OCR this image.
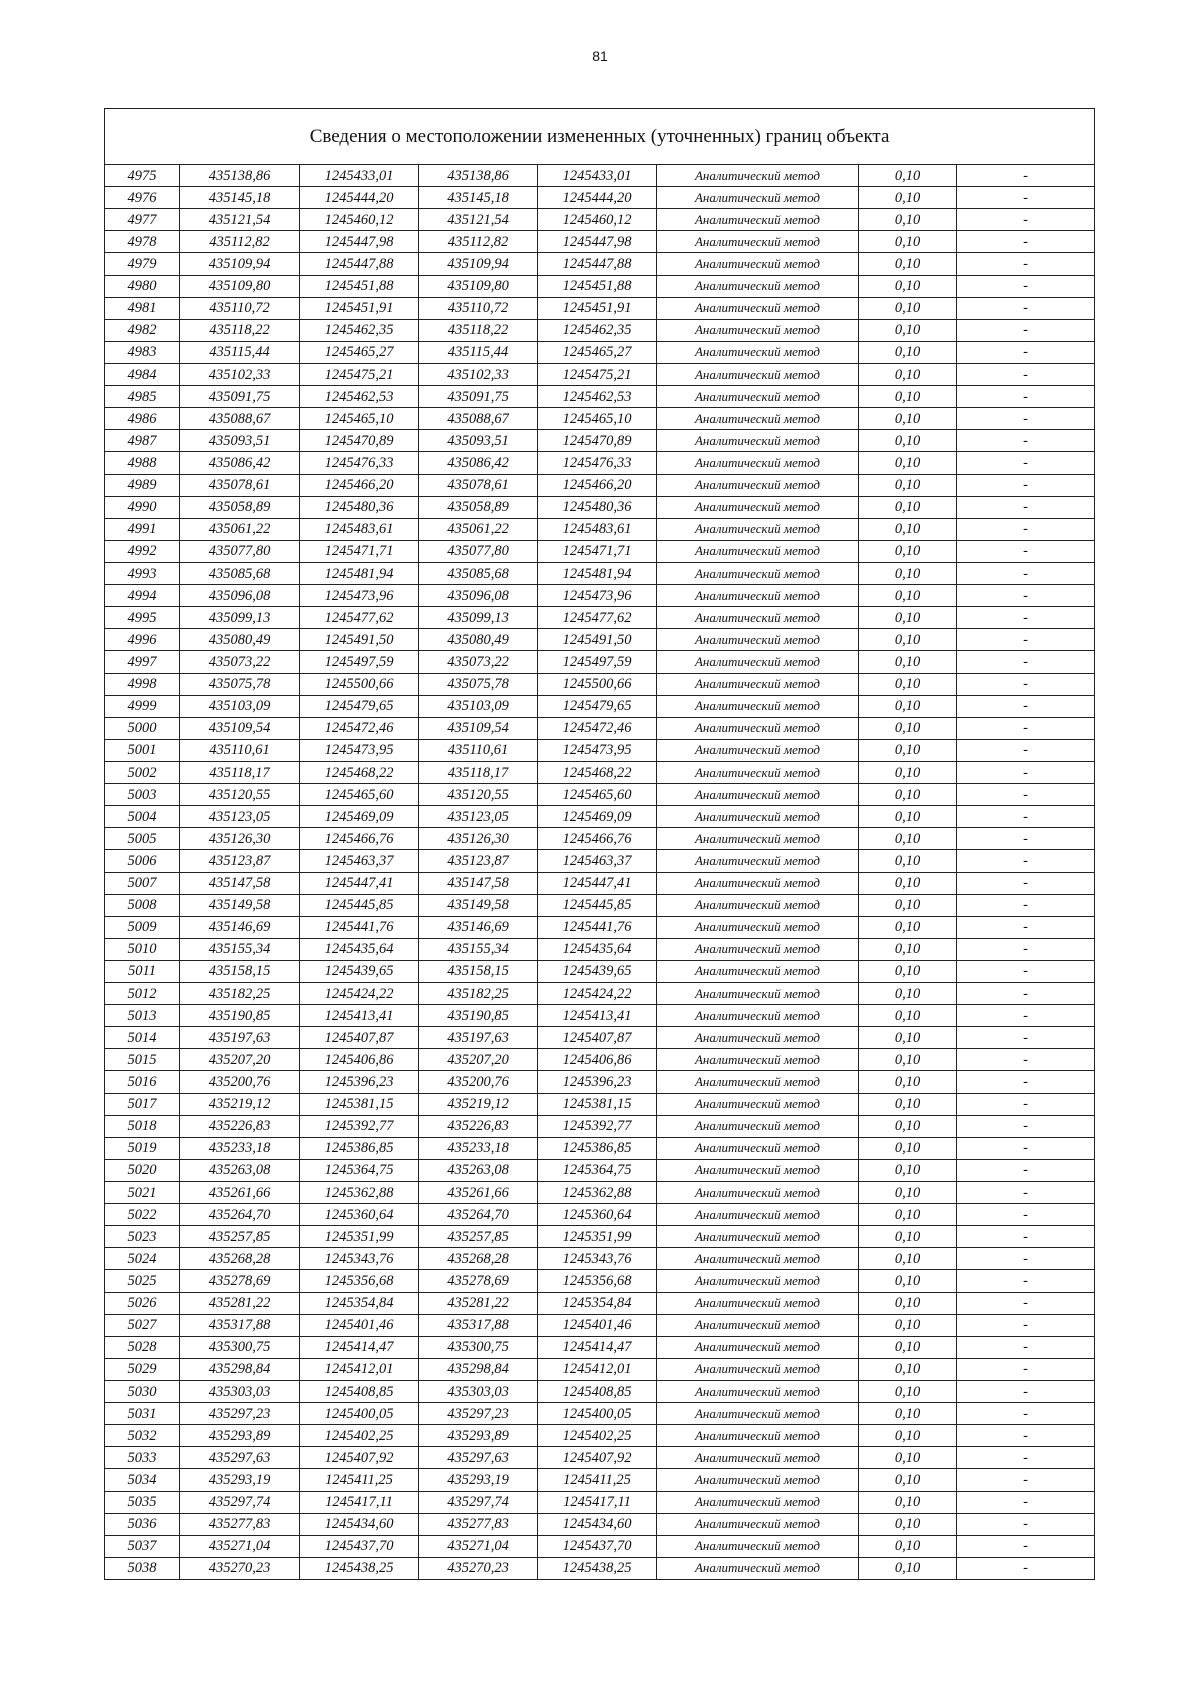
81
Сведения о местоположении измененных (уточненных) границ объекта							
4975	435138,86	1245433,01	435138,86	1245433,01	Аналитический метод	0,10	-
4976	435145,18	1245444,20	435145,18	1245444,20	Аналитический метод	0,10	-
4977	435121,54	1245460,12	435121,54	1245460,12	Аналитический метод	0,10	-
4978	435112,82	1245447,98	435112,82	1245447,98	Аналитический метод	0,10	-
4979	435109,94	1245447,88	435109,94	1245447,88	Аналитический метод	0,10	-
4980	435109,80	1245451,88	435109,80	1245451,88	Аналитический метод	0,10	-
4981	435110,72	1245451,91	435110,72	1245451,91	Аналитический метод	0,10	-
4982	435118,22	1245462,35	435118,22	1245462,35	Аналитический метод	0,10	-
4983	435115,44	1245465,27	435115,44	1245465,27	Аналитический метод	0,10	-
4984	435102,33	1245475,21	435102,33	1245475,21	Аналитический метод	0,10	-
4985	435091,75	1245462,53	435091,75	1245462,53	Аналитический метод	0,10	-
4986	435088,67	1245465,10	435088,67	1245465,10	Аналитический метод	0,10	-
4987	435093,51	1245470,89	435093,51	1245470,89	Аналитический метод	0,10	-
4988	435086,42	1245476,33	435086,42	1245476,33	Аналитический метод	0,10	-
4989	435078,61	1245466,20	435078,61	1245466,20	Аналитический метод	0,10	-
4990	435058,89	1245480,36	435058,89	1245480,36	Аналитический метод	0,10	-
4991	435061,22	1245483,61	435061,22	1245483,61	Аналитический метод	0,10	-
4992	435077,80	1245471,71	435077,80	1245471,71	Аналитический метод	0,10	-
4993	435085,68	1245481,94	435085,68	1245481,94	Аналитический метод	0,10	-
4994	435096,08	1245473,96	435096,08	1245473,96	Аналитический метод	0,10	-
4995	435099,13	1245477,62	435099,13	1245477,62	Аналитический метод	0,10	-
4996	435080,49	1245491,50	435080,49	1245491,50	Аналитический метод	0,10	-
4997	435073,22	1245497,59	435073,22	1245497,59	Аналитический метод	0,10	-
4998	435075,78	1245500,66	435075,78	1245500,66	Аналитический метод	0,10	-
4999	435103,09	1245479,65	435103,09	1245479,65	Аналитический метод	0,10	-
5000	435109,54	1245472,46	435109,54	1245472,46	Аналитический метод	0,10	-
5001	435110,61	1245473,95	435110,61	1245473,95	Аналитический метод	0,10	-
5002	435118,17	1245468,22	435118,17	1245468,22	Аналитический метод	0,10	-
5003	435120,55	1245465,60	435120,55	1245465,60	Аналитический метод	0,10	-
5004	435123,05	1245469,09	435123,05	1245469,09	Аналитический метод	0,10	-
5005	435126,30	1245466,76	435126,30	1245466,76	Аналитический метод	0,10	-
5006	435123,87	1245463,37	435123,87	1245463,37	Аналитический метод	0,10	-
5007	435147,58	1245447,41	435147,58	1245447,41	Аналитический метод	0,10	-
5008	435149,58	1245445,85	435149,58	1245445,85	Аналитический метод	0,10	-
5009	435146,69	1245441,76	435146,69	1245441,76	Аналитический метод	0,10	-
5010	435155,34	1245435,64	435155,34	1245435,64	Аналитический метод	0,10	-
5011	435158,15	1245439,65	435158,15	1245439,65	Аналитический метод	0,10	-
5012	435182,25	1245424,22	435182,25	1245424,22	Аналитический метод	0,10	-
5013	435190,85	1245413,41	435190,85	1245413,41	Аналитический метод	0,10	-
5014	435197,63	1245407,87	435197,63	1245407,87	Аналитический метод	0,10	-
5015	435207,20	1245406,86	435207,20	1245406,86	Аналитический метод	0,10	-
5016	435200,76	1245396,23	435200,76	1245396,23	Аналитический метод	0,10	-
5017	435219,12	1245381,15	435219,12	1245381,15	Аналитический метод	0,10	-
5018	435226,83	1245392,77	435226,83	1245392,77	Аналитический метод	0,10	-
5019	435233,18	1245386,85	435233,18	1245386,85	Аналитический метод	0,10	-
5020	435263,08	1245364,75	435263,08	1245364,75	Аналитический метод	0,10	-
5021	435261,66	1245362,88	435261,66	1245362,88	Аналитический метод	0,10	-
5022	435264,70	1245360,64	435264,70	1245360,64	Аналитический метод	0,10	-
5023	435257,85	1245351,99	435257,85	1245351,99	Аналитический метод	0,10	-
5024	435268,28	1245343,76	435268,28	1245343,76	Аналитический метод	0,10	-
5025	435278,69	1245356,68	435278,69	1245356,68	Аналитический метод	0,10	-
5026	435281,22	1245354,84	435281,22	1245354,84	Аналитический метод	0,10	-
5027	435317,88	1245401,46	435317,88	1245401,46	Аналитический метод	0,10	-
5028	435300,75	1245414,47	435300,75	1245414,47	Аналитический метод	0,10	-
5029	435298,84	1245412,01	435298,84	1245412,01	Аналитический метод	0,10	-
5030	435303,03	1245408,85	435303,03	1245408,85	Аналитический метод	0,10	-
5031	435297,23	1245400,05	435297,23	1245400,05	Аналитический метод	0,10	-
5032	435293,89	1245402,25	435293,89	1245402,25	Аналитический метод	0,10	-
5033	435297,63	1245407,92	435297,63	1245407,92	Аналитический метод	0,10	-
5034	435293,19	1245411,25	435293,19	1245411,25	Аналитический метод	0,10	-
5035	435297,74	1245417,11	435297,74	1245417,11	Аналитический метод	0,10	-
5036	435277,83	1245434,60	435277,83	1245434,60	Аналитический метод	0,10	-
5037	435271,04	1245437,70	435271,04	1245437,70	Аналитический метод	0,10	-
5038	435270,23	1245438,25	435270,23	1245438,25	Аналитический метод	0,10	-
